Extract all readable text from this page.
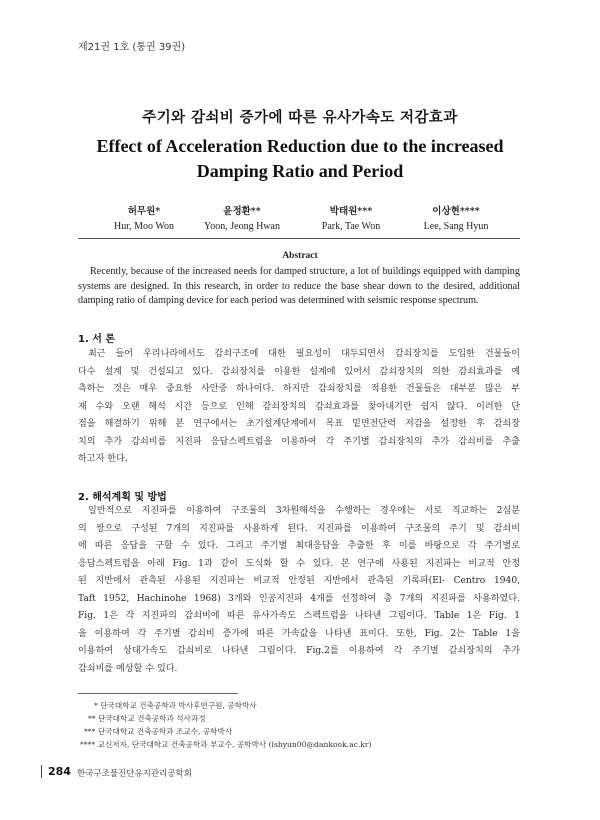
제21권 1호 (통권 39권)
주기와 감쇠비 증가에 따른 유사가속도 저감효과
Effect of Acceleration Reduction due to the increased
Damping Ratio and Period
허무원*
Hur, Moo Won
윤정환**
Yoon, Jeong Hwan
박태원***
Park, Tae Won
이상현****
Lee, Sang Hyun
Abstract

Recently, because of the increased needs for damped structure, a lot of buildings equipped with damping systems are designed. In this research, in order to reduce the base shear down to the desired, additional damping ratio of damping device for each period was determined with seismic response spectrum.

1. 서 론
최근 들어 우리나라에서도 감쇠구조에 대한 필요성이 대두되면서 감쇠장치를 도입한 건물들이
다수 설계 및 건설되고 있다. 감쇠장치를 이용한 설계에 있어서 감쇠장치의 의한 감쇠효과를 예
측하는 것은 매우 중요한 사안중 하나이다. 하지만 감쇠장치를 적용한 건물들은 대부분 많은 부
재 수와 오랜 해석 시간 등으로 인해 감쇠장치의 감쇠효과를 찾아내기란 쉽지 않다. 이러한 단
점을 해결하기 위해 본 연구에서는 초기설계단계에서 목표 밑면전단력 저감을 설정한 후 감쇠장
치의 추가 감쇠비를 지진파 응답스펙트럼을 이용하여 각 주기별 감쇠장치의 추가 감쇠비를 추출
하고자 한다.
2. 해석계획 및 방법
일반적으로 지진파를 이용하여 구조물의 3차원해석을 수행하는 경우에는 서로 직교하는 2심분
의 쌍으로 구성된 7개의 지진파를 사용하게 된다. 지진파를 이용하여 구조물의 주기 및 감쇠비
에 따른 응답을 구할 수 있다. 그리고 주기별 최대응답을 추출한 후 이를 바탕으로 각 주기별로
응답스펙트럼을 아래 Fig. 1과 같이 도식화 할 수 있다. 본 연구에 사용된 지진파는 비교적 안정
된 지반에서 관측된 사용된 지진파는 비교적 안정된 지반에서 관측된 기록파(El- Centro 1940,
Taft 1952, Hachinohe 1968) 3개와 인공지진파 4개를 선정하여 총 7개의 지진파를 사용하였다.
Fig. 1은 각 지진파의 감쇠비에 따른 유사가속도 스펙트럼을 나타낸 그림이다. Table 1은 Fig. 1
을 이용하여 각 주기별 감쇠비 증가에 따른 가속값을 나타낸 표이다. 또한, Fig. 2는 Table 1을
이용하여 상대가속도 감쇠비로 나타낸 그림이다. Fig.2를 이용하여 각 주기별 감쇠장치의 추가
감쇠비를 예상할 수 있다.
* 단국대학교 건축공학과 박사후연구원, 공학박사
** 단국대학교 건축공학과 석사과정
*** 단국대학교 건축공학과 조교수, 공학박사
**** 교신저자, 단국대학교 건축공학과 부교수, 공학박사 (lshyun00@dankook.ac.kr)
284 한국구조물진단유지관리공학회
